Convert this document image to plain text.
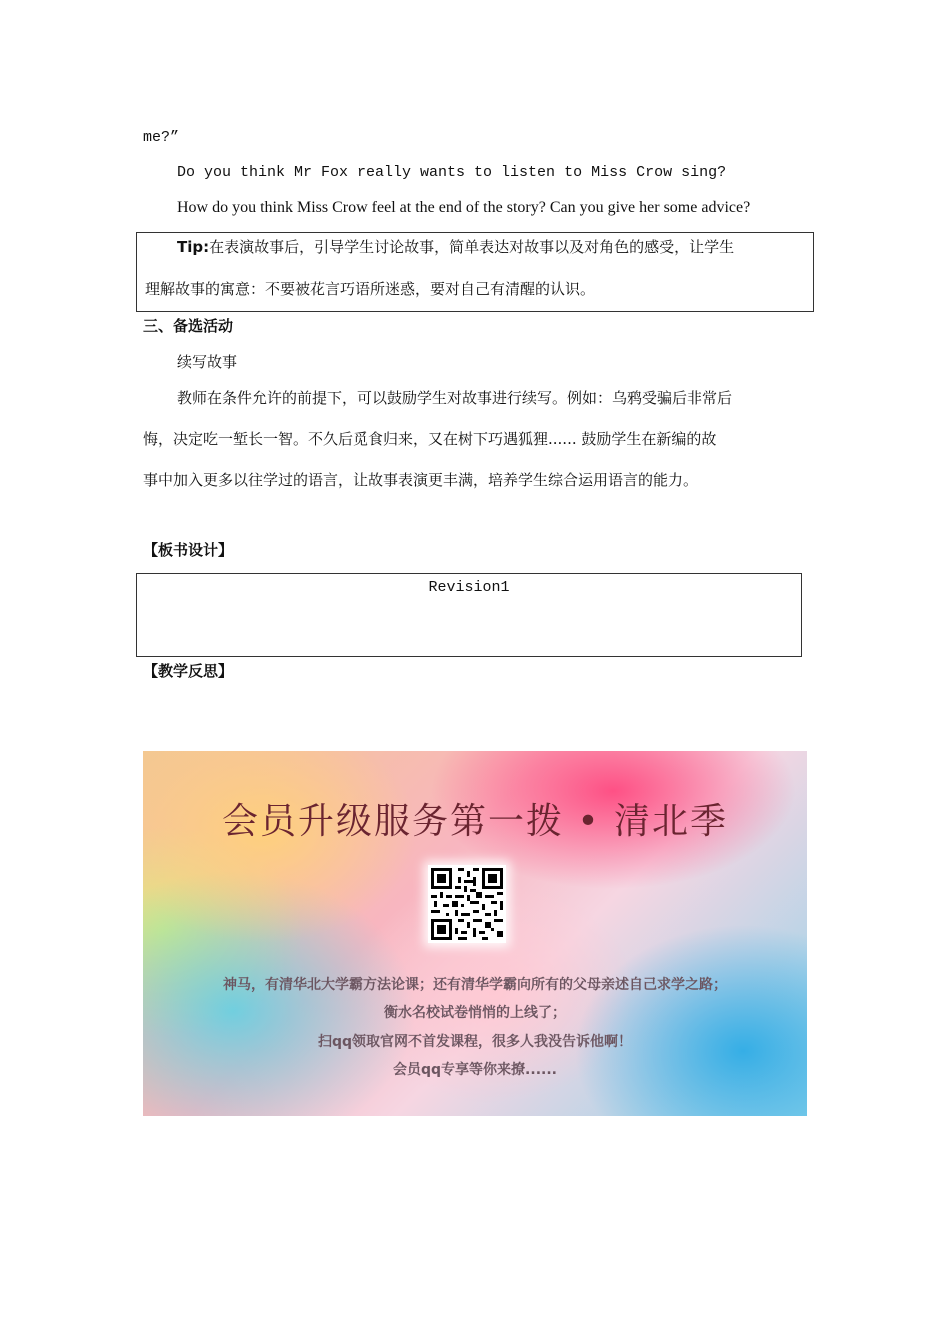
me?”
Do you think Mr Fox really wants to listen to Miss Crow sing?
How do you think Miss Crow feel at the end of the story? Can you give her some advice?
Tip:在表演故事后，引导学生讨论故事，简单表达对故事以及对角色的感受，让学生
理解故事的寓意：不要被花言巧语所迷惑，要对自己有清醒的认识。
三、备选活动
续写故事
教师在条件允许的前提下，可以鼓励学生对故事进行续写。例如：乌鸦受骗后非常后
悔，决定吃一堑长一智。不久后觅食归来，又在树下巧遇狐狸...... 鼓励学生在新编的故
事中加入更多以往学过的语言，让故事表演更丰满，培养学生综合运用语言的能力。
【板书设计】
Revision1
【教学反思】
会员升级服务第一拨 • 清北季
神马，有清华北大学霸方法论课；还有清华学霸向所有的父母亲述自己求学之路；
衡水名校试卷悄悄的上线了；
扫qq领取官网不首发课程，很多人我没告诉他啊！
会员qq专享等你来撩......
